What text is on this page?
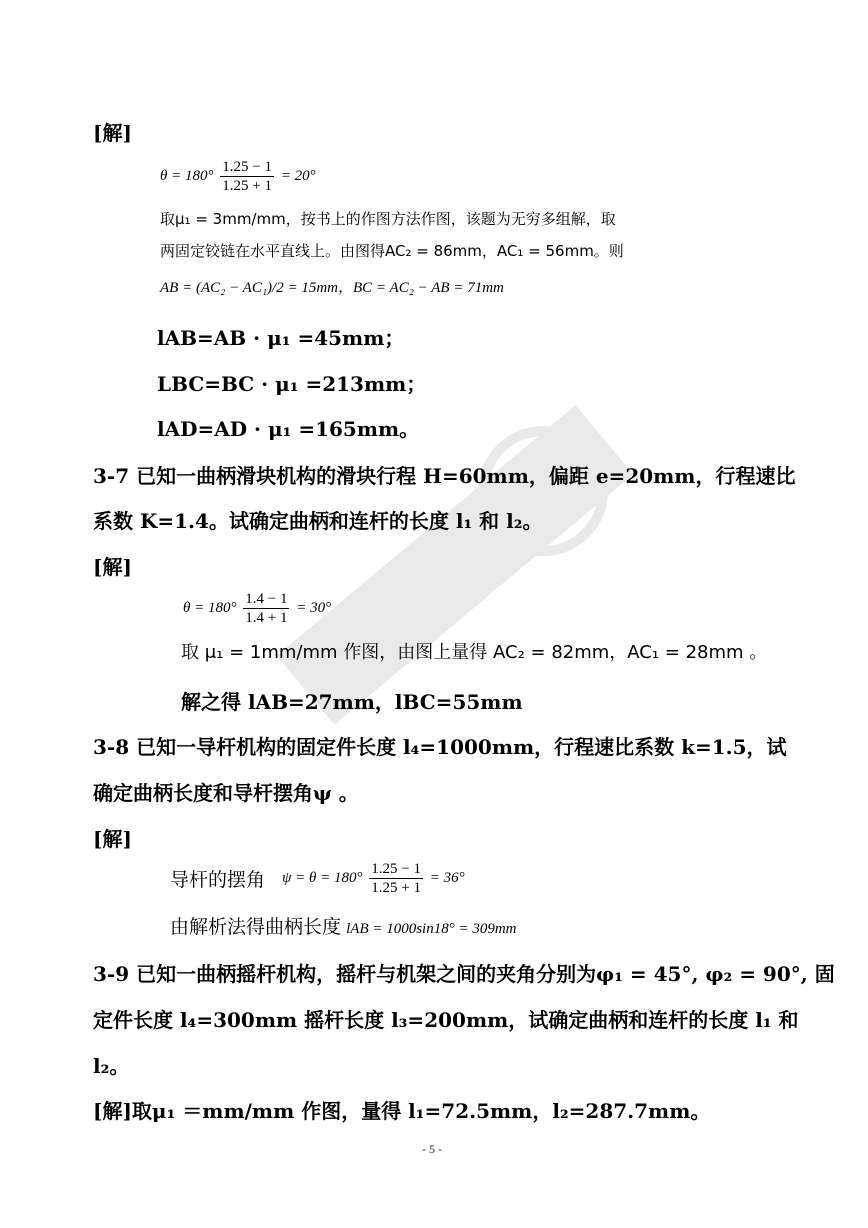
[解]
$\theta = 180^\circ \frac{1.25 - 1}{1.25 + 1} = 20^\circ$
取μ₁ = 3mm/mm，按书上的作图方法作图，该题为无穷多组解，取
两固定铰链在水平直线上。由图得AC₂ = 86mm，AC₁ = 56mm。则
AB = (AC₂ − AC₁)/2 = 15mm，BC = AC₂ − AB = 71mm
lAB=AB · μ₁ =45mm；
LBC=BC · μ₁ =213mm；
lAD=AD · μ₁ =165mm。
3-7 已知一曲柄滑块机构的滑块行程 H=60mm，偏距 e=20mm，行程速比
系数 K=1.4。试确定曲柄和连杆的长度 l₁ 和 l₂。
[解]
$\theta = 180^\circ \frac{1.4 - 1}{1.4 + 1} = 30^\circ$
取 μ₁ = 1mm/mm 作图，由图上量得 AC₂ = 82mm，AC₁ = 28mm 。
解之得 lAB=27mm，lBC=55mm
3-8 已知一导杆机构的固定件长度 l₄=1000mm，行程速比系数 k=1.5，试
确定曲柄长度和导杆摆角ψ 。
[解]
导杆的摆角 $\psi = \theta = 180^\circ \frac{1.25 - 1}{1.25 + 1} = 36^\circ$
由解析法得曲柄长度 lAB = 1000sin18° = 309mm
3-9 已知一曲柄摇杆机构，摇杆与机架之间的夹角分别为φ₁ = 45°, φ₂ = 90°, 固
定件长度 l₄=300mm 摇杆长度 l₃=200mm，试确定曲柄和连杆的长度 l₁ 和
l₂。
[解]取μ₁ ＝mm/mm 作图，量得 l₁=72.5mm，l₂=287.7mm。
- 5 -
